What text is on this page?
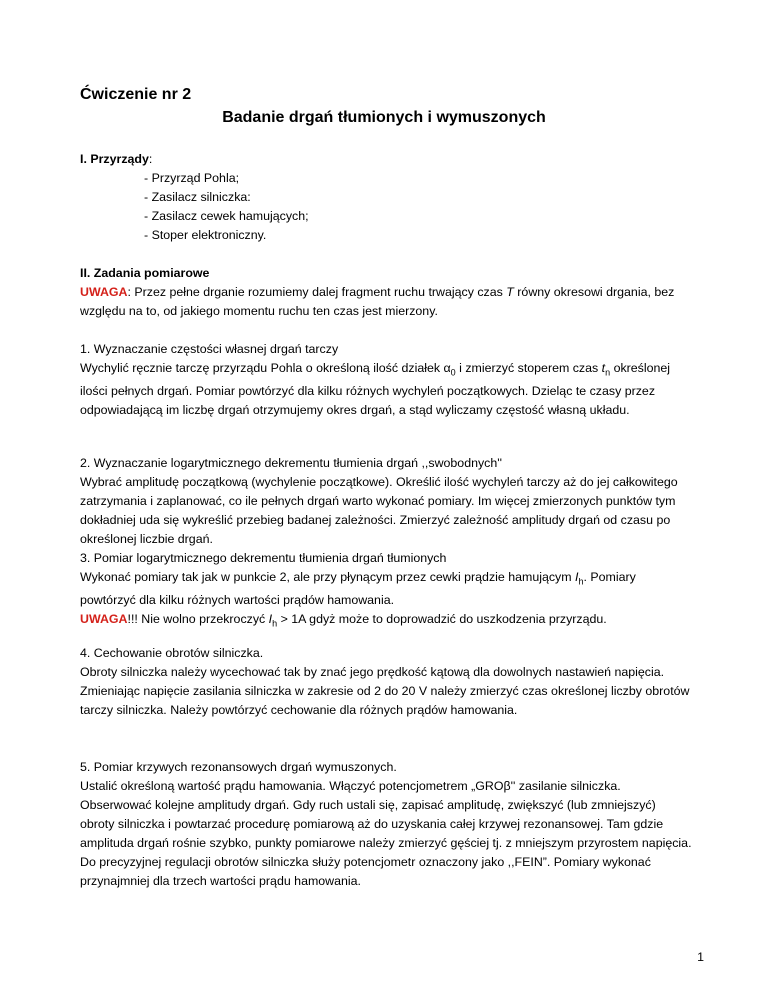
Ćwiczenie nr 2
Badanie drgań tłumionych i wymuszonych

I. Przyrządy:

- Przyrząd Pohla;
- Zasilacz silniczka:
- Zasilacz cewek hamujących;
- Stoper elektroniczny.

II. Zadania pomiarowe

UWAGA: Przez pełne drganie rozumiemy dalej fragment ruchu trwający czas T równy okresowi drgania, bez względu na to, od jakiego momentu ruchu ten czas jest mierzony.

1. Wyznaczanie częstości własnej drgań tarczy

Wychylić ręcznie tarczę przyrządu Pohla o określoną ilość działek $\alpha_0$ i zmierzyć stoperem czas $t_n$ określonej ilości pełnych drgań. Pomiar powtórzyć dla kilku różnych wychyleń początkowych. Dzieląc te czasy przez odpowiadającą im liczbę drgań otrzymujemy okres drgań, a stąd wyliczamy częstość własną układu.

2. Wyznaczanie logarytmicznego dekrementu tłumienia drgań ,,swobodnych''

Wybrać amplitudę początkową (wychylenie początkowe). Określić ilość wychyleń tarczy aż do jej całkowitego zatrzymania i zaplanować, co ile pełnych drgań warto wykonać pomiary. Im więcej zmierzonych punktów tym dokładniej uda się wykreślić przebieg badanej zależności. Zmierzyć zależność amplitudy drgań od czasu po określonej liczbie drgań.

3. Pomiar logarytmicznego dekrementu tłumienia drgań tłumionych

Wykonać pomiary tak jak w punkcie 2, ale przy płynącym przez cewki prądzie hamującym $I_h$. Pomiary powtórzyć dla kilku różnych wartości prądów hamowania.

UWAGA!!! Nie wolno przekroczyć $I_h > 1A$ gdyż może to doprowadzić do uszkodzenia przyrządu.

4. Cechowanie obrotów silniczka.

Obroty silniczka należy wycechować tak by znać jego prędkość kątową dla dowolnych nastawień napięcia. Zmieniając napięcie zasilania silniczka w zakresie od 2 do 20 V należy zmierzyć czas określonej liczby obrotów tarczy silniczka. Należy powtórzyć cechowanie dla różnych prądów hamowania.

5. Pomiar krzywych rezonansowych drgań wymuszonych.

Ustalić określoną wartość prądu hamowania. Włączyć potencjometrem „GROβ'' zasilanie silniczka. Obserwować kolejne amplitudy drgań. Gdy ruch ustali się, zapisać amplitudę, zwiększyć (lub zmniejszyć) obroty silniczka i powtarzać procedurę pomiarową aż do uzyskania całej krzywej rezonansowej. Tam gdzie amplituda drgań rośnie szybko, punkty pomiarowe należy zmierzyć gęściej tj. z mniejszym przyrostem napięcia. Do precyzyjnej regulacji obrotów silniczka służy potencjometr oznaczony jako ,,FEIN”. Pomiary wykonać przynajmniej dla trzech wartości prądu hamowania.

1
